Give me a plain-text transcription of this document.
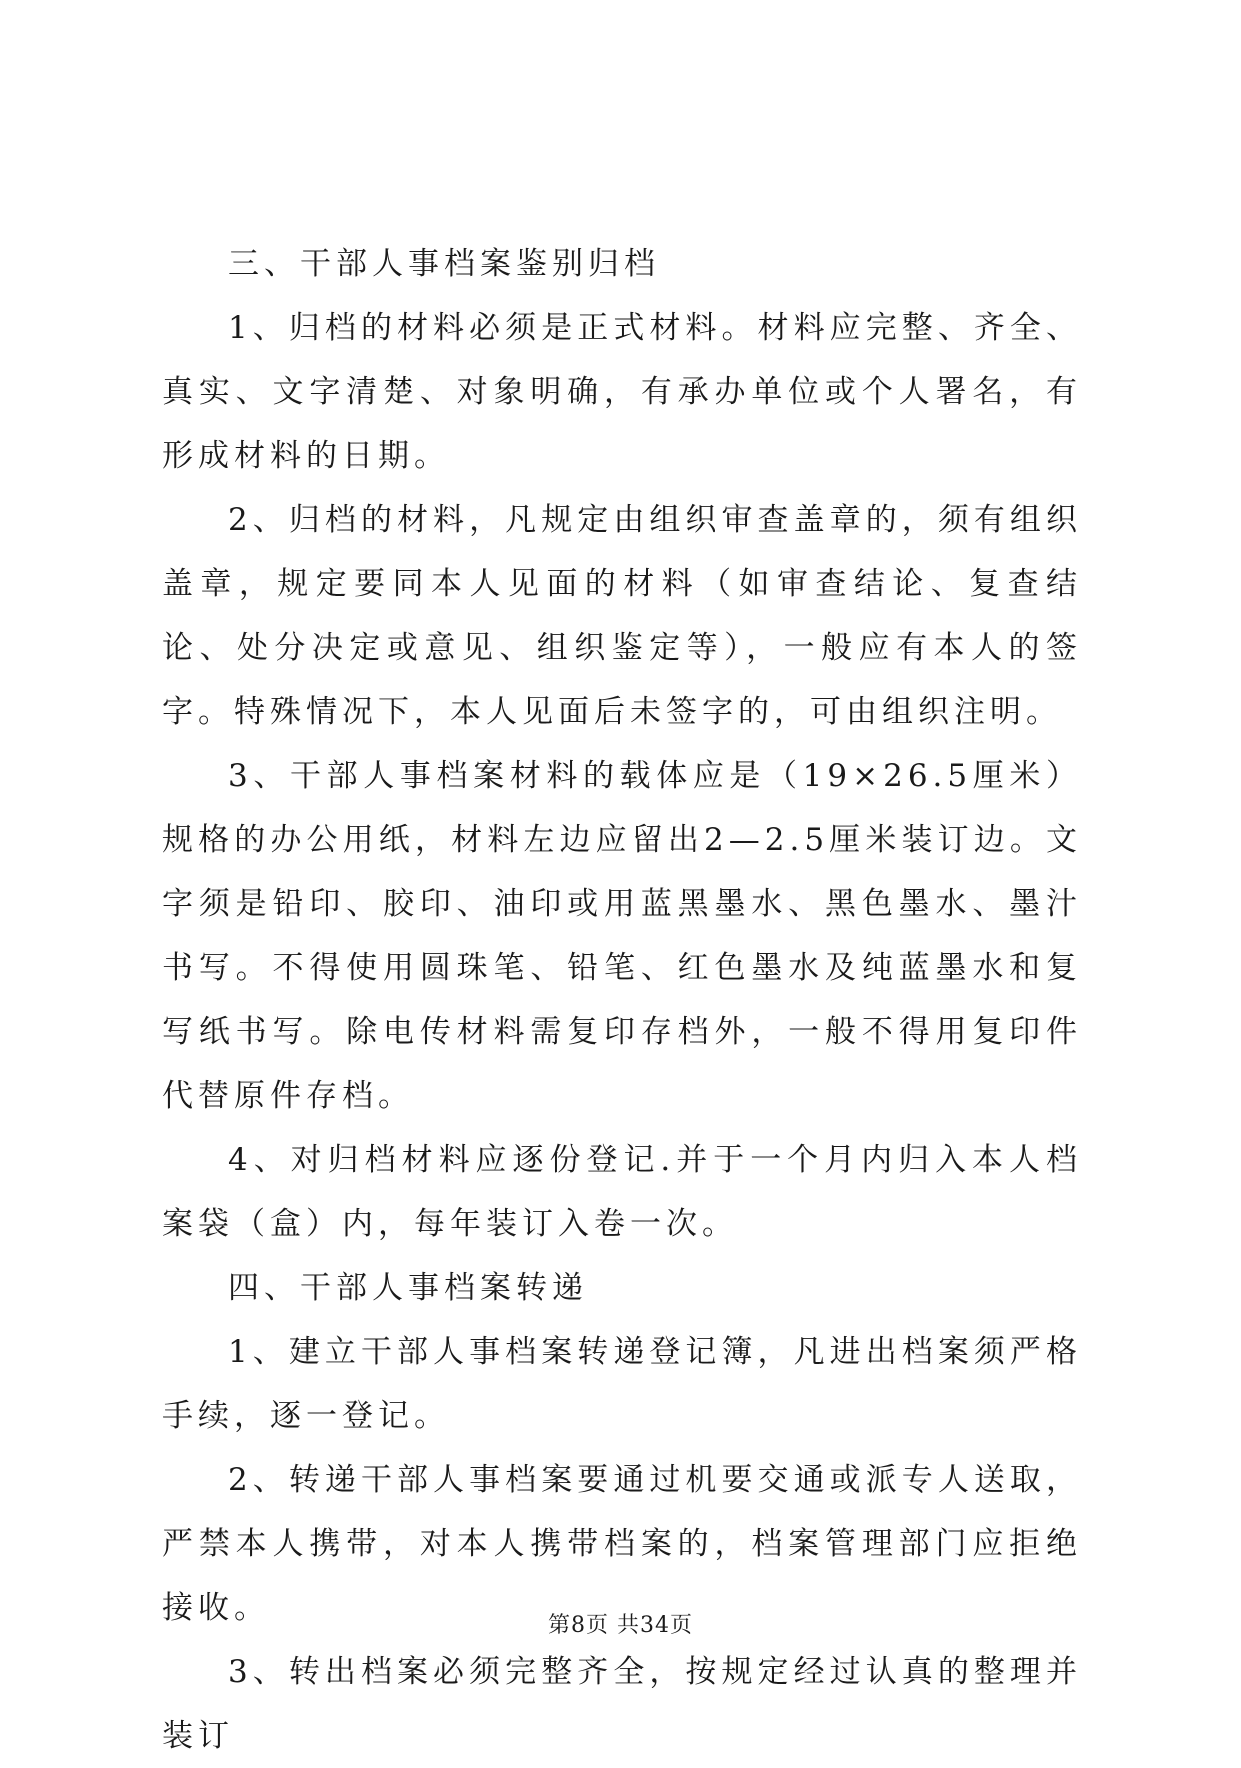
三、干部人事档案鉴别归档

1、归档的材料必须是正式材料。材料应完整、齐全、真实、文字清楚、对象明确，有承办单位或个人署名，有形成材料的日期。

2、归档的材料，凡规定由组织审查盖章的，须有组织盖章，规定要同本人见面的材料（如审查结论、复查结论、处分决定或意见、组织鉴定等），一般应有本人的签字。特殊情况下，本人见面后未签字的，可由组织注明。

3、干部人事档案材料的载体应是（19×26.5厘米）规格的办公用纸，材料左边应留出2—2.5厘米装订边。文字须是铅印、胶印、油印或用蓝黑墨水、黑色墨水、墨汁书写。不得使用圆珠笔、铅笔、红色墨水及纯蓝墨水和复写纸书写。除电传材料需复印存档外，一般不得用复印件代替原件存档。

4、对归档材料应逐份登记.并于一个月内归入本人档案袋（盒）内，每年装订入卷一次。

四、干部人事档案转递

1、建立干部人事档案转递登记簿，凡进出档案须严格手续，逐一登记。

2、转递干部人事档案要通过机要交通或派专人送取，严禁本人携带，对本人携带档案的，档案管理部门应拒绝接收。

3、转出档案必须完整齐全，按规定经过认真的整理并装订

第8页 共34页
